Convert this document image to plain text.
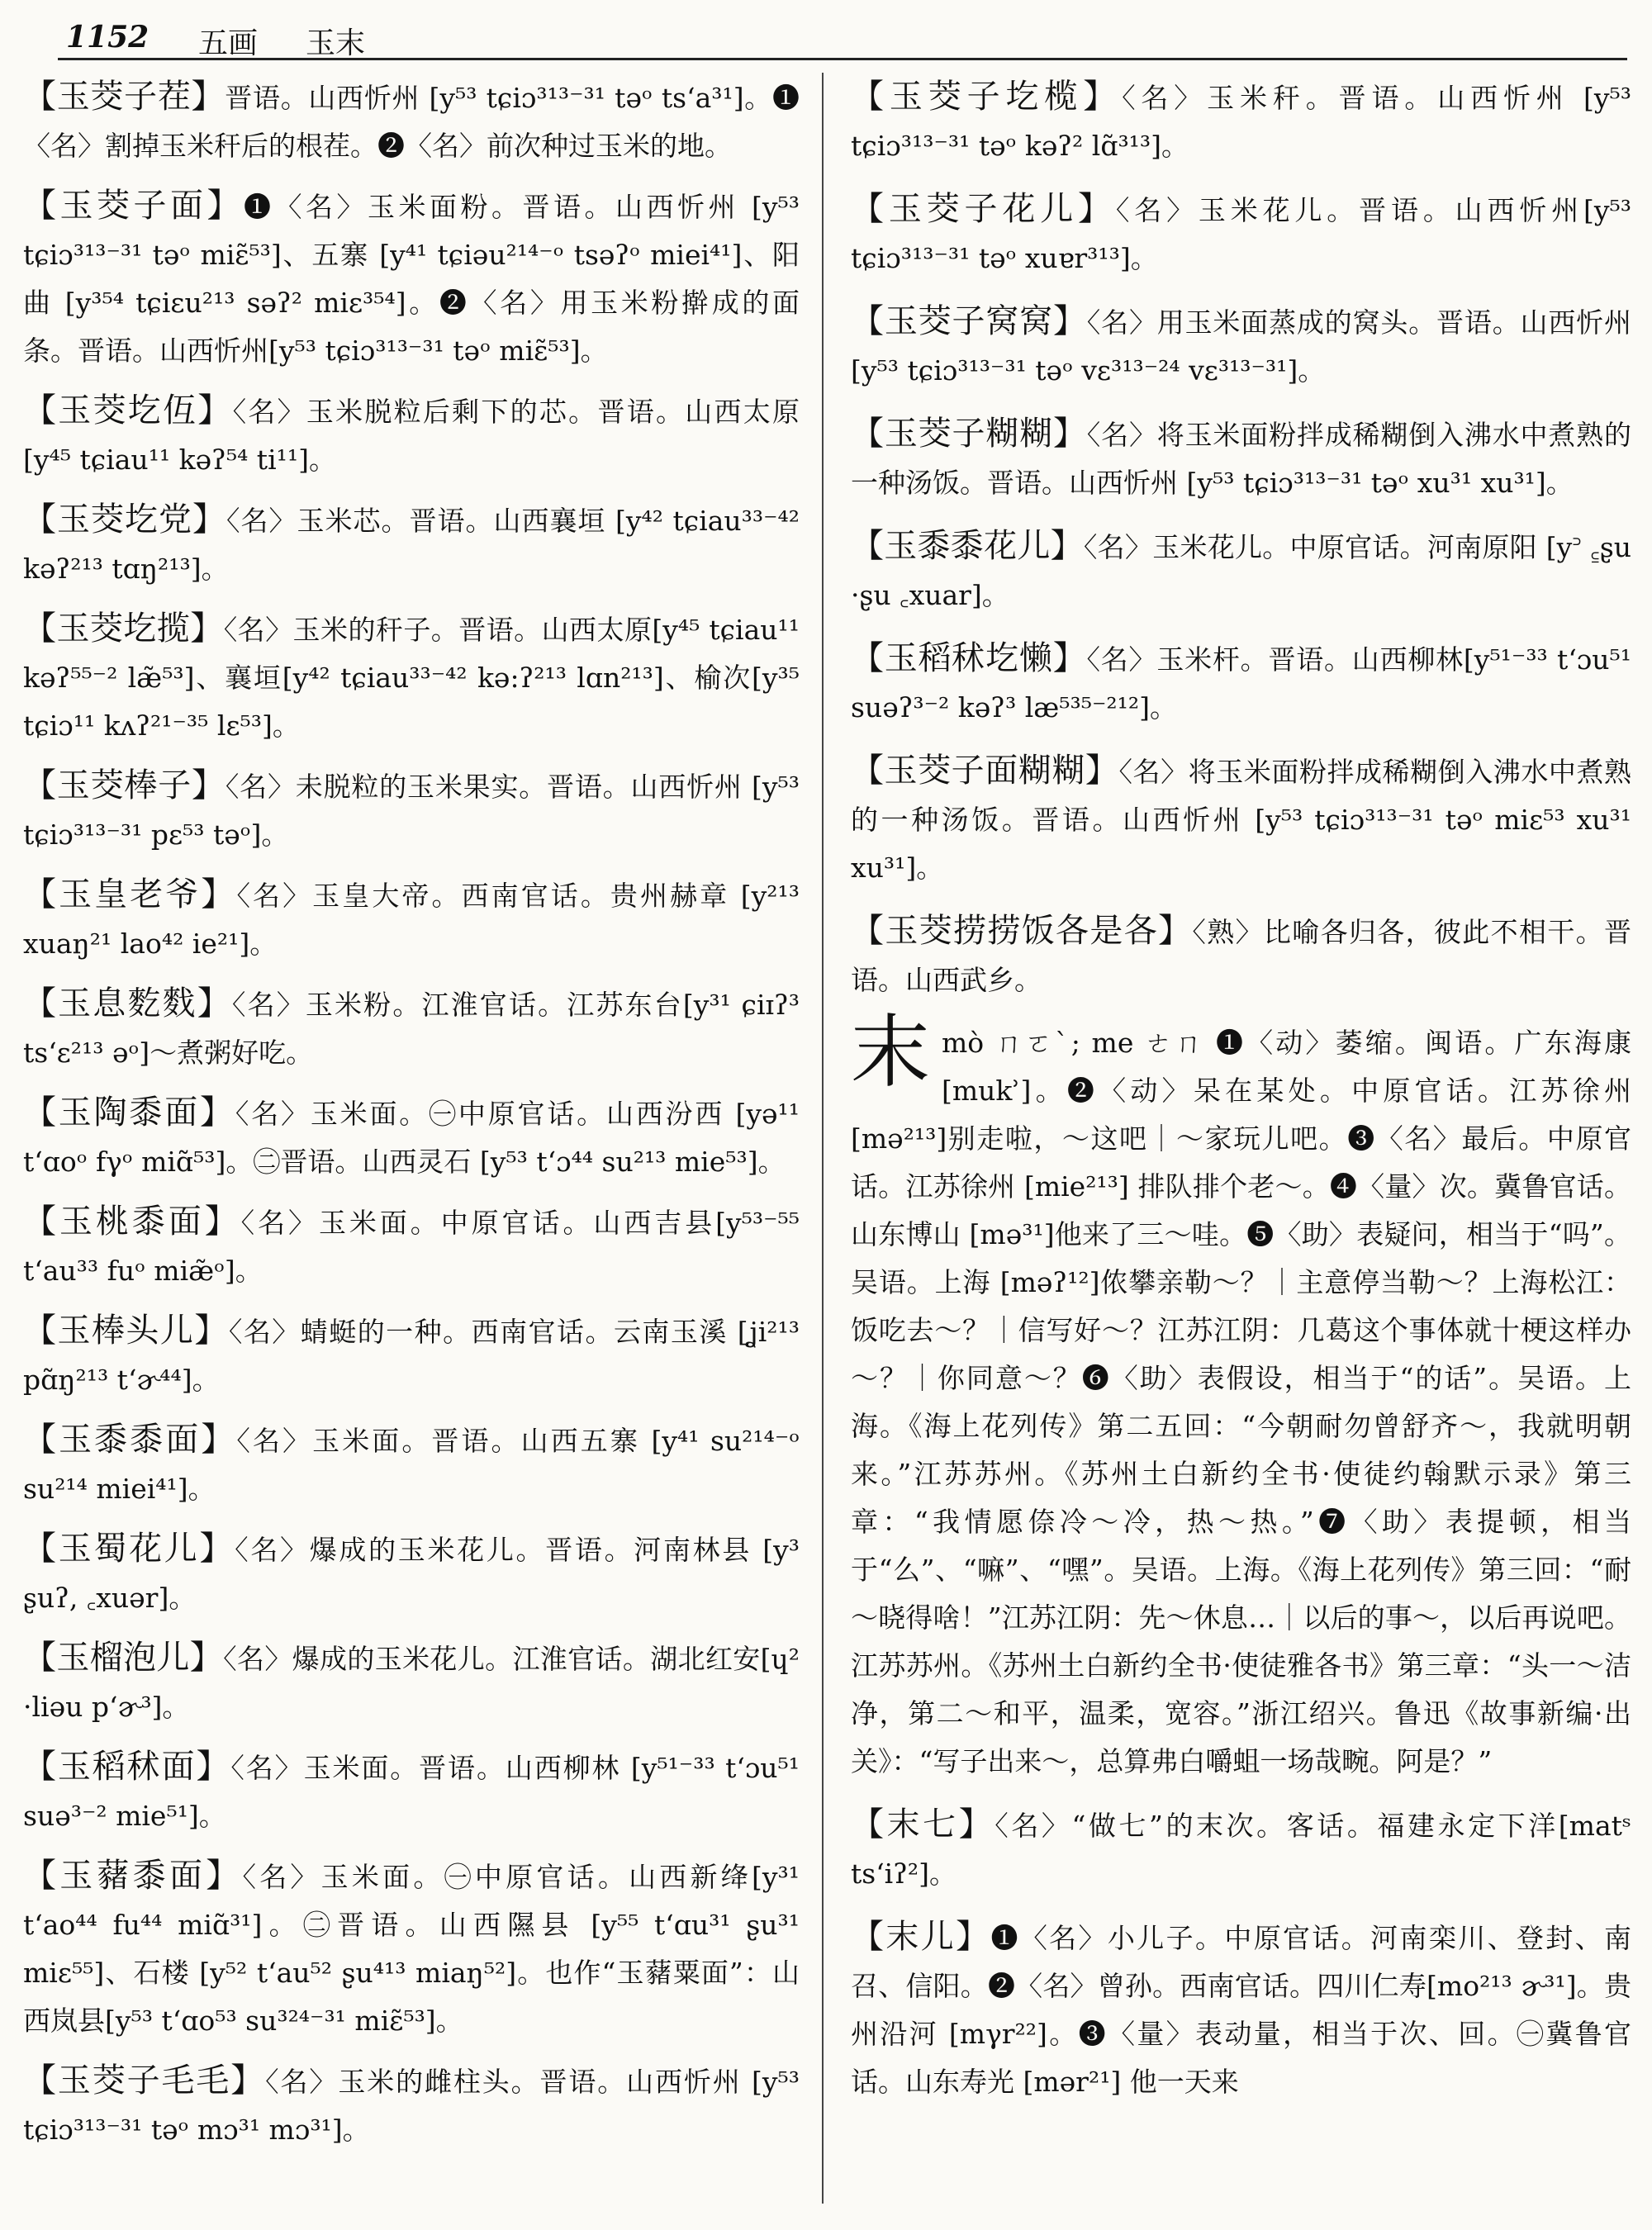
1152 五画 玉末
【玉茭子茬】晋语。山西忻州 [y⁵³ tɕiɔ³¹³⁻³¹ təᵒ tsʻa³¹]。❶〈名〉割掉玉米秆后的根茬。❷〈名〉前次种过玉米的地。
【玉茭子面】❶〈名〉玉米面粉。晋语。山西忻州 [y⁵³ tɕiɔ³¹³⁻³¹ təᵒ miɛ̃⁵³]、五寨 [y⁴¹ tɕiəu²¹⁴⁻ᵒ tsəʔᵒ miei⁴¹]、阳曲 [y³⁵⁴ tɕiɛu²¹³ səʔ² miɛ³⁵⁴]。❷〈名〉用玉米粉擀成的面条。晋语。山西忻州[y⁵³ tɕiɔ³¹³⁻³¹ təᵒ miɛ̃⁵³]。
【玉茭圪仾】〈名〉玉米脱粒后剩下的芯。晋语。山西太原 [y⁴⁵ tɕiau¹¹ kəʔ⁵⁴ ti¹¹]。
【玉茭圪党】〈名〉玉米芯。晋语。山西襄垣 [y⁴² tɕiau³³⁻⁴² kəʔ²¹³ tɑŋ²¹³]。
【玉茭圪揽】〈名〉玉米的秆子。晋语。山西太原[y⁴⁵ tɕiau¹¹ kəʔ⁵⁵⁻² læ̃⁵³]、襄垣[y⁴² tɕiau³³⁻⁴² kə:ʔ²¹³ lɑn²¹³]、榆次[y³⁵ tɕiɔ¹¹ kʌʔ²¹⁻³⁵ lɛ⁵³]。
【玉茭棒子】〈名〉未脱粒的玉米果实。晋语。山西忻州 [y⁵³ tɕiɔ³¹³⁻³¹ pɛ⁵³ təᵒ]。
【玉皇老爷】〈名〉玉皇大帝。西南官话。贵州赫章 [y²¹³ xuaŋ²¹ lao⁴² ie²¹]。
【玉息麧䴰】〈名〉玉米粉。江淮官话。江苏东台[y³¹ ɕiɪʔ³ tsʻɛ²¹³ əᵒ]～煮粥好吃。
【玉陶黍面】〈名〉玉米面。㊀中原官话。山西汾西 [yə¹¹ tʻɑoᵒ fγᵒ miɑ̃⁵³]。㊁晋语。山西灵石 [y⁵³ tʻɔ⁴⁴ su²¹³ mie⁵³]。
【玉桃黍面】〈名〉玉米面。中原官话。山西吉县[y⁵³⁻⁵⁵ tʻau³³ fuᵒ miæ̃ᵒ]。
【玉棒头儿】〈名〉蜻蜓的一种。西南官话。云南玉溪 [ʝi²¹³ pɑ̃ŋ²¹³ tʻɚ⁴⁴]。
【玉黍黍面】〈名〉玉米面。晋语。山西五寨 [y⁴¹ su²¹⁴⁻ᵒ su²¹⁴ miei⁴¹]。
【玉蜀花儿】〈名〉爆成的玉米花儿。晋语。河南林县 [y³ ʂuʔ, ꜀xuər]。
【玉榴泡儿】〈名〉爆成的玉米花儿。江淮官话。湖北红安[ɥ² ·liəu pʻɚ³]。
【玉稻秫面】〈名〉玉米面。晋语。山西柳林 [y⁵¹⁻³³ tʻɔu⁵¹ suə³⁻² mie⁵¹]。
【玉藸黍面】〈名〉玉米面。㊀中原官话。山西新绛[y³¹ tʻao⁴⁴ fu⁴⁴ miɑ̃³¹]。㊁晋语。山西隰县 [y⁵⁵ tʻɑu³¹ ʂu³¹ miɛ⁵⁵]、石楼 [y⁵² tʻau⁵² ʂu⁴¹³ miaŋ⁵²]。也作“玉藸粟面”：山西岚县[y⁵³ tʻɑo⁵³ su³²⁴⁻³¹ miɛ̃⁵³]。
【玉茭子毛毛】〈名〉玉米的雌柱头。晋语。山西忻州 [y⁵³ tɕiɔ³¹³⁻³¹ təᵒ mɔ³¹ mɔ³¹]。
【玉茭子圪榄】〈名〉玉米秆。晋语。山西忻州 [y⁵³ tɕiɔ³¹³⁻³¹ təᵒ kəʔ² lɑ̃³¹³]。
【玉茭子花儿】〈名〉玉米花儿。晋语。山西忻州[y⁵³ tɕiɔ³¹³⁻³¹ təᵒ xuɐr³¹³]。
【玉茭子窝窝】〈名〉用玉米面蒸成的窝头。晋语。山西忻州 [y⁵³ tɕiɔ³¹³⁻³¹ təᵒ vɛ³¹³⁻²⁴ vɛ³¹³⁻³¹]。
【玉茭子糊糊】〈名〉将玉米面粉拌成稀糊倒入沸水中煮熟的一种汤饭。晋语。山西忻州 [y⁵³ tɕiɔ³¹³⁻³¹ təᵒ xu³¹ xu³¹]。
【玉黍黍花儿】〈名〉玉米花儿。中原官话。河南原阳 [y꜄ ꜁ʂu ·ʂu ꜀xuar]。
【玉稻秫圪懒】〈名〉玉米杆。晋语。山西柳林[y⁵¹⁻³³ tʻɔu⁵¹ suəʔ³⁻² kəʔ³ læ⁵³⁵⁻²¹²]。
【玉茭子面糊糊】〈名〉将玉米面粉拌成稀糊倒入沸水中煮熟的一种汤饭。晋语。山西忻州 [y⁵³ tɕiɔ³¹³⁻³¹ təᵒ miɛ⁵³ xu³¹ xu³¹]。
【玉茭捞捞饭各是各】〈熟〉比喻各归各，彼此不相干。晋语。山西武乡。
末mò ㄇㄛˋ; me ㄜㄇ ❶〈动〉萎缩。闽语。广东海康 [mukʾ]。❷〈动〉呆在某处。中原官话。江苏徐州 [mə²¹³]别走啦，～这吧｜～家玩儿吧。❸〈名〉最后。中原官话。江苏徐州 [mie²¹³] 排队排个老～。❹〈量〉次。冀鲁官话。山东博山 [mə³¹]他来了三～哇。❺〈助〉表疑问，相当于“吗”。吴语。上海 [məʔ¹²]侬攀亲勒～？｜主意停当勒～？上海松江：饭吃去～？｜信写好～？江苏江阴：几葛这个事体就十梗这样办～？｜你同意～？❻〈助〉表假设，相当于“的话”。吴语。上海。《海上花列传》第二五回：“今朝耐勿曾舒齐～，我就明朝来。”江苏苏州。《苏州土白新约全书·使徒约翰默示录》第三章：“我情愿倷冷～冷，热～热。”❼〈助〉表提顿，相当于“么”、“嘛”、“嘿”。吴语。上海。《海上花列传》第三回：“耐～晓得啥！”江苏江阴：先～休息…｜以后的事～，以后再说吧。江苏苏州。《苏州土白新约全书·使徒雅各书》第三章：“头一～洁净，第二～和平，温柔，宽容。”浙江绍兴。鲁迅《故事新编·出关》：“写子出来～，总算弗白嚼蛆一场哉畹。阿是？”
【末七】〈名〉“做七”的末次。客话。福建永定下洋[matˢ tsʻiʔ²]。
【末儿】❶〈名〉小儿子。中原官话。河南栾川、登封、南召、信阳。❷〈名〉曾孙。西南官话。四川仁寿[mo²¹³ ɚ³¹]。贵州沿河 [mγr²²]。❸〈量〉表动量，相当于次、回。㊀冀鲁官话。山东寿光 [mər²¹] 他一天来
